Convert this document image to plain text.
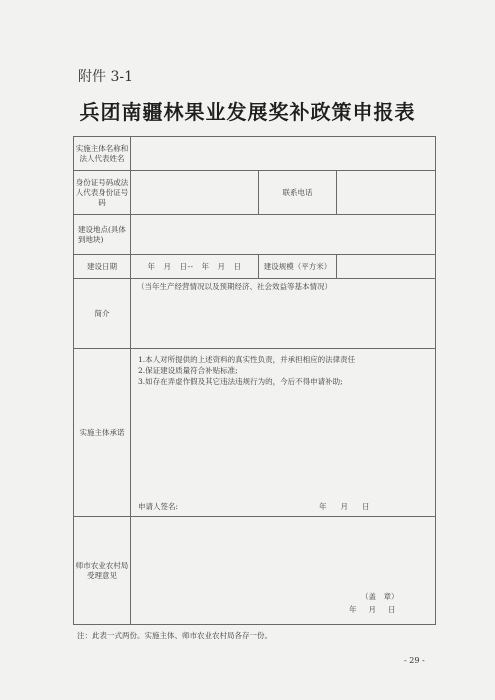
附件 3-1
兵团南疆林果业发展奖补政策申报表
实施主体名称和法人代表姓名			
身份证号码或法人代表身份证号码		联系电话	
建设地点(具体到地块)			
建设日期	年　月　日--　年　月　日	建设规模（平方米）	
简介	（当年生产经营情况以及预期经济、社会效益等基本情况）		

实施主体承诺	1.本人对所提供的上述资料的真实性负责，并承担相应的法律责任
2.保证建设质量符合补贴标准;
3.如存在弄虚作假及其它违法违规行为的，今后不得申请补助;
申请人签名: 年月日		

师市农业农村局受理意见	（盖　章）
年月日		
注：此表一式两份。实施主体、师市农业农村局各存一份。
- 29 -
